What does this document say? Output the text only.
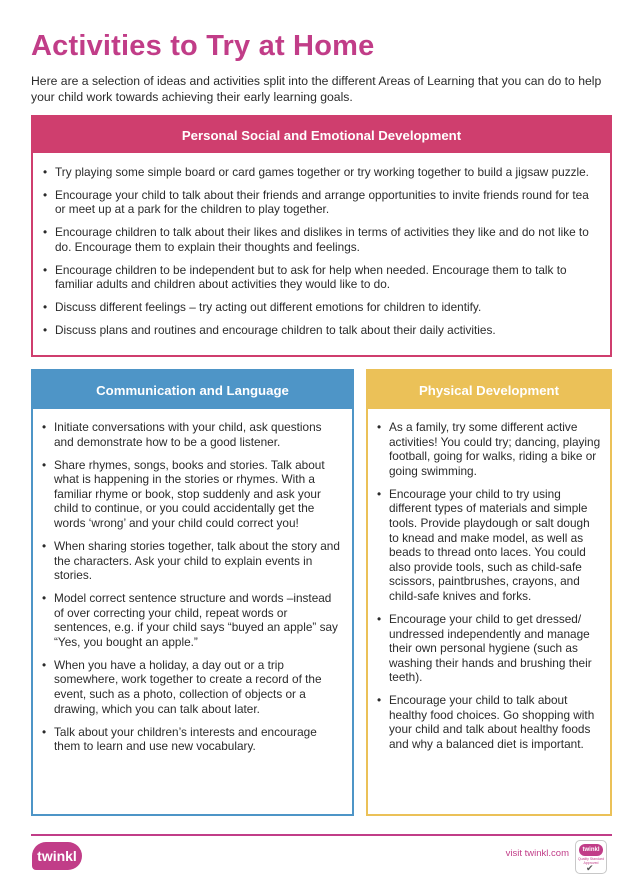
Activities to Try at Home

Here are a selection of ideas and activities split into the different Areas of Learning that you can do to help your child work towards achieving their early learning goals.

Personal Social and Emotional Development
• Try playing some simple board or card games together or try working together to build a jigsaw puzzle.
• Encourage your child to talk about their friends and arrange opportunities to invite friends round for tea or meet up at a park for the children to play together.
• Encourage children to talk about their likes and dislikes in terms of activities they like and do not like to do. Encourage them to explain their thoughts and feelings.
• Encourage children to be independent but to ask for help when needed. Encourage them to talk to familiar adults and children about activities they would like to do.
• Discuss different feelings – try acting out different emotions for children to identify.
• Discuss plans and routines and encourage children to talk about their daily activities.
Communication and Language
• Initiate conversations with your child, ask questions and demonstrate how to be a good listener.
• Share rhymes, songs, books and stories. Talk about what is happening in the stories or rhymes. With a familiar rhyme or book, stop suddenly and ask your child to continue, or you could accidentally get the words ‘wrong’ and your child could correct you!
• When sharing stories together, talk about the story and the characters. Ask your child to explain events in stories.
• Model correct sentence structure and words –instead of over correcting your child, repeat words or sentences, e.g. if your child says “buyed an apple” say “Yes, you bought an apple.”
• When you have a holiday, a day out or a trip somewhere, work together to create a record of the event, such as a photo, collection of objects or a drawing, which you can talk about later.
• Talk about your children’s interests and encourage them to learn and use new vocabulary.
Physical Development
• As a family, try some different active activities! You could try; dancing, playing football, going for walks, riding a bike or going swimming.
• Encourage your child to try using different types of materials and simple tools. Provide playdough or salt dough to knead and make model, as well as beads to thread onto laces. You could also provide tools, such as child-safe scissors, paintbrushes, crayons, and child-safe knives and forks.
• Encourage your child to get dressed/ undressed independently and manage their own personal hygiene (such as washing their hands and brushing their teeth).
• Encourage your child to talk about healthy food choices. Go shopping with your child and talk about healthy foods and why a balanced diet is important.
twinkl	visit twinkl.com	twinkl
Quality Standard Approved
✔
